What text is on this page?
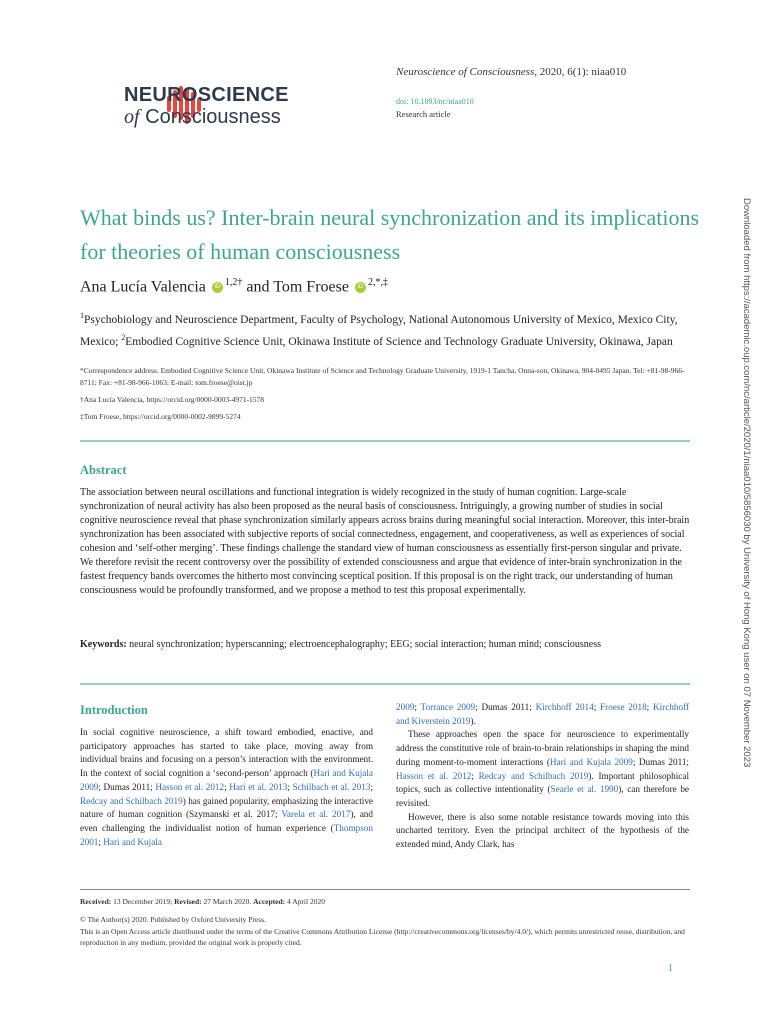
NEUROSCIENCE
of Consciousness
Neuroscience of Consciousness, 2020, 6(1): niaa010
doi: 10.1093/nc/niaa010
Research article
What binds us? Inter-brain neural synchronization and its implications for theories of human consciousness
Ana Lucía Valencia iD $^{1,2\dagger}$ and Tom Froese iD $^{2,*,\ddagger}$
$^1$Psychobiology and Neuroscience Department, Faculty of Psychology, National Autonomous University of Mexico, Mexico City, Mexico; $^2$Embodied Cognitive Science Unit, Okinawa Institute of Science and Technology Graduate University, Okinawa, Japan
*Correspondence address. Embodied Cognitive Science Unit, Okinawa Institute of Science and Technology Graduate University, 1919-1 Tancha, Onna-son, Okinawa, 904-0495 Japan. Tel: +81-98-966-8711; Fax: +81-98-966-1063; E-mail: tom.froese@oist.jp
†Ana Lucía Valencia, https://orcid.org/0000-0003-4971-1578
‡Tom Froese, https://orcid.org/0000-0002-9899-5274
Abstract
The association between neural oscillations and functional integration is widely recognized in the study of human cognition. Large-scale synchronization of neural activity has also been proposed as the neural basis of consciousness. Intriguingly, a growing number of studies in social cognitive neuroscience reveal that phase synchronization similarly appears across brains during meaningful social interaction. Moreover, this inter-brain synchronization has been associated with subjective reports of social connectedness, engagement, and cooperativeness, as well as experiences of social cohesion and ‘self-other merging’. These findings challenge the standard view of human consciousness as essentially first-person singular and private. We therefore revisit the recent controversy over the possibility of extended consciousness and argue that evidence of inter-brain synchronization in the fastest frequency bands overcomes the hitherto most convincing sceptical position. If this proposal is on the right track, our understanding of human consciousness would be profoundly transformed, and we propose a method to test this proposal experimentally.
Keywords: neural synchronization; hyperscanning; electroencephalography; EEG; social interaction; human mind; consciousness
Introduction

In social cognitive neuroscience, a shift toward embodied, enactive, and participatory approaches has started to take place, moving away from individual brains and focusing on a person’s interaction with the environment. In the context of social cognition a ‘second-person’ approach (Hari and Kujala 2009; Dumas 2011; Hasson et al. 2012; Hari et al. 2013; Schilbach et al. 2013; Redcay and Schilbach 2019) has gained popularity, emphasizing the interactive nature of human cognition (Szymanski et al. 2017; Varela et al. 2017), and even challenging the individualist notion of human experience (Thompson 2001; Hari and Kujala

2009; Torrance 2009; Dumas 2011; Kirchhoff 2014; Froese 2018; Kirchhoff and Kiverstein 2019).

These approaches open the space for neuroscience to experimentally address the constitutive role of brain-to-brain relationships in shaping the mind during moment-to-moment interactions (Hari and Kujala 2009; Dumas 2011; Hasson et al. 2012; Redcay and Schilbach 2019). Important philosophical topics, such as collective intentionality (Searle et al. 1990), can therefore be revisited.

However, there is also some notable resistance towards moving into this uncharted territory. Even the principal architect of the hypothesis of the extended mind, Andy Clark, has

Received: 13 December 2019; Revised: 27 March 2020. Accepted: 4 April 2020
© The Author(s) 2020. Published by Oxford University Press.
This is an Open Access article distributed under the terms of the Creative Commons Attribution License (http://creativecommons.org/licenses/by/4.0/), which permits unrestricted reuse, distribution, and reproduction in any medium, provided the original work is properly cited.
1
Downloaded from https://academic.oup.com/nc/article/2020/1/niaa010/5856030 by University of Hong Kong user on 07 November 2023
